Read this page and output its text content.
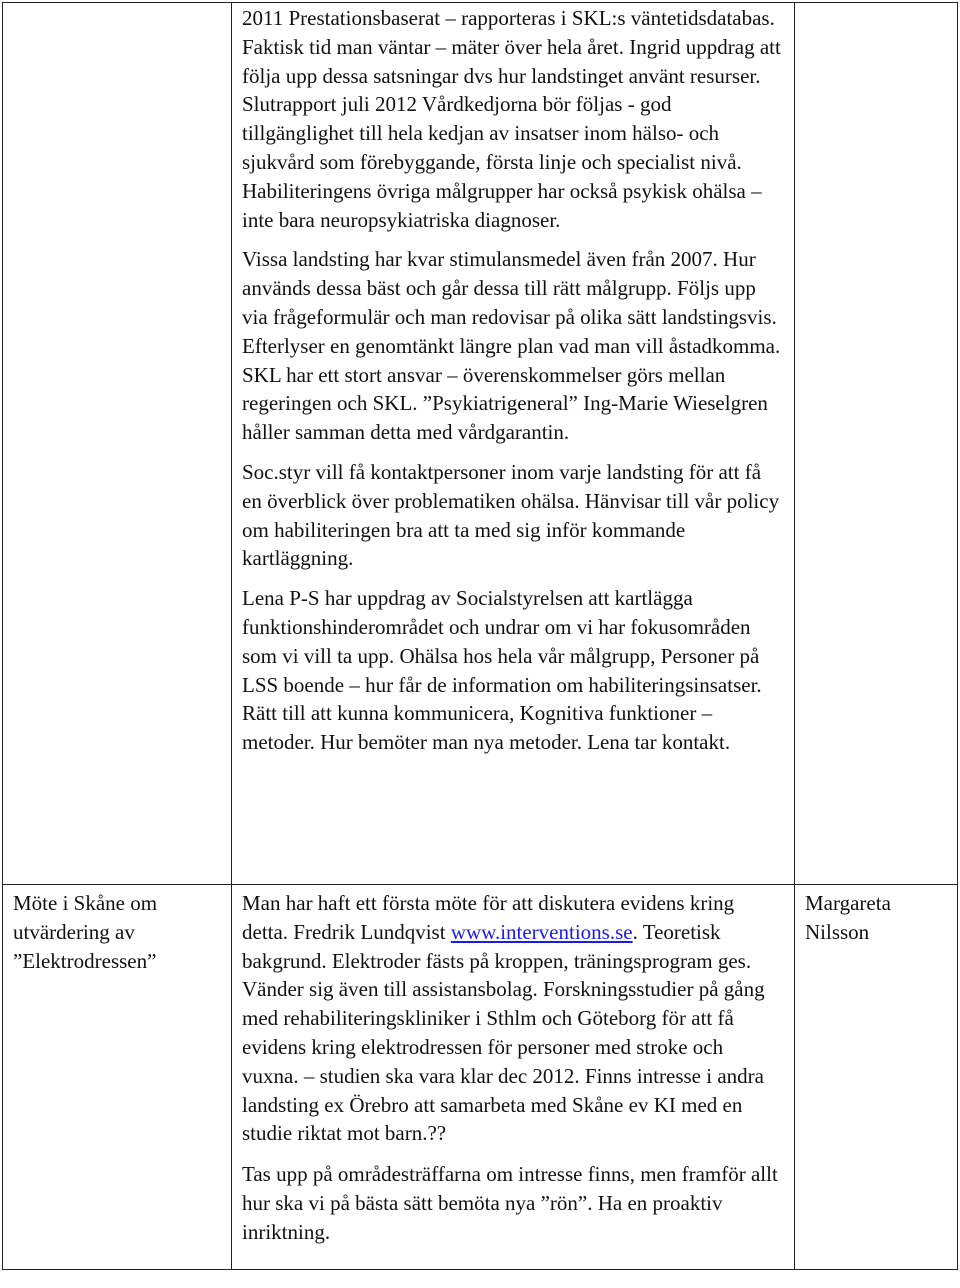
	2011 Prestationsbaserat – rapporteras i SKL:s väntetidsdatabas. Faktisk tid man väntar – mäter över hela året. Ingrid uppdrag att följa upp dessa satsningar dvs hur landstinget använt resurser. Slutrapport juli 2012 Vårdkedjorna bör följas - god tillgänglighet till hela kedjan av insatser inom hälso- och sjukvård som förebyggande, första linje och specialist nivå. Habiliteringens övriga målgrupper har också psykisk ohälsa – inte bara neuropsykiatriska diagnoser.

Vissa landsting har kvar stimulansmedel även från 2007. Hur används dessa bäst och går dessa till rätt målgrupp. Följs upp via frågeformulär och man redovisar på olika sätt landstingsvis. Efterlyser en genomtänkt längre plan vad man vill åstadkomma. SKL har ett stort ansvar – överenskommelser görs mellan regeringen och SKL. ”Psykiatrigeneral” Ing-Marie Wieselgren håller samman detta med vårdgarantin.

Soc.styr vill få kontaktpersoner inom varje landsting för att få en överblick över problematiken ohälsa. Hänvisar till vår policy om habiliteringen bra att ta med sig inför kommande kartläggning.

Lena P-S har uppdrag av Socialstyrelsen att kartlägga funktionshinderområdet och undrar om vi har fokusområden som vi vill ta upp. Ohälsa hos hela vår målgrupp, Personer på LSS boende – hur får de information om habiliteringsinsatser. Rätt till att kunna kommunicera, Kognitiva funktioner – metoder. Hur bemöter man nya metoder. Lena tar kontakt.	

Möte i Skåne om utvärdering av ”Elektrodressen”	Man har haft ett första möte för att diskutera evidens kring detta. Fredrik Lundqvist www.interventions.se. Teoretisk bakgrund. Elektroder fästs på kroppen, träningsprogram ges. Vänder sig även till assistansbolag. Forskningsstudier på gång med rehabiliteringskliniker i Sthlm och Göteborg för att få evidens kring elektrodressen för personer med stroke och vuxna. – studien ska vara klar dec 2012. Finns intresse i andra landsting ex Örebro att samarbeta med Skåne ev KI med en studie riktat mot barn.??

Tas upp på områdesträffarna om intresse finns, men framför allt hur ska vi på bästa sätt bemöta nya ”rön”. Ha en proaktiv inriktning.	Margareta Nilsson
